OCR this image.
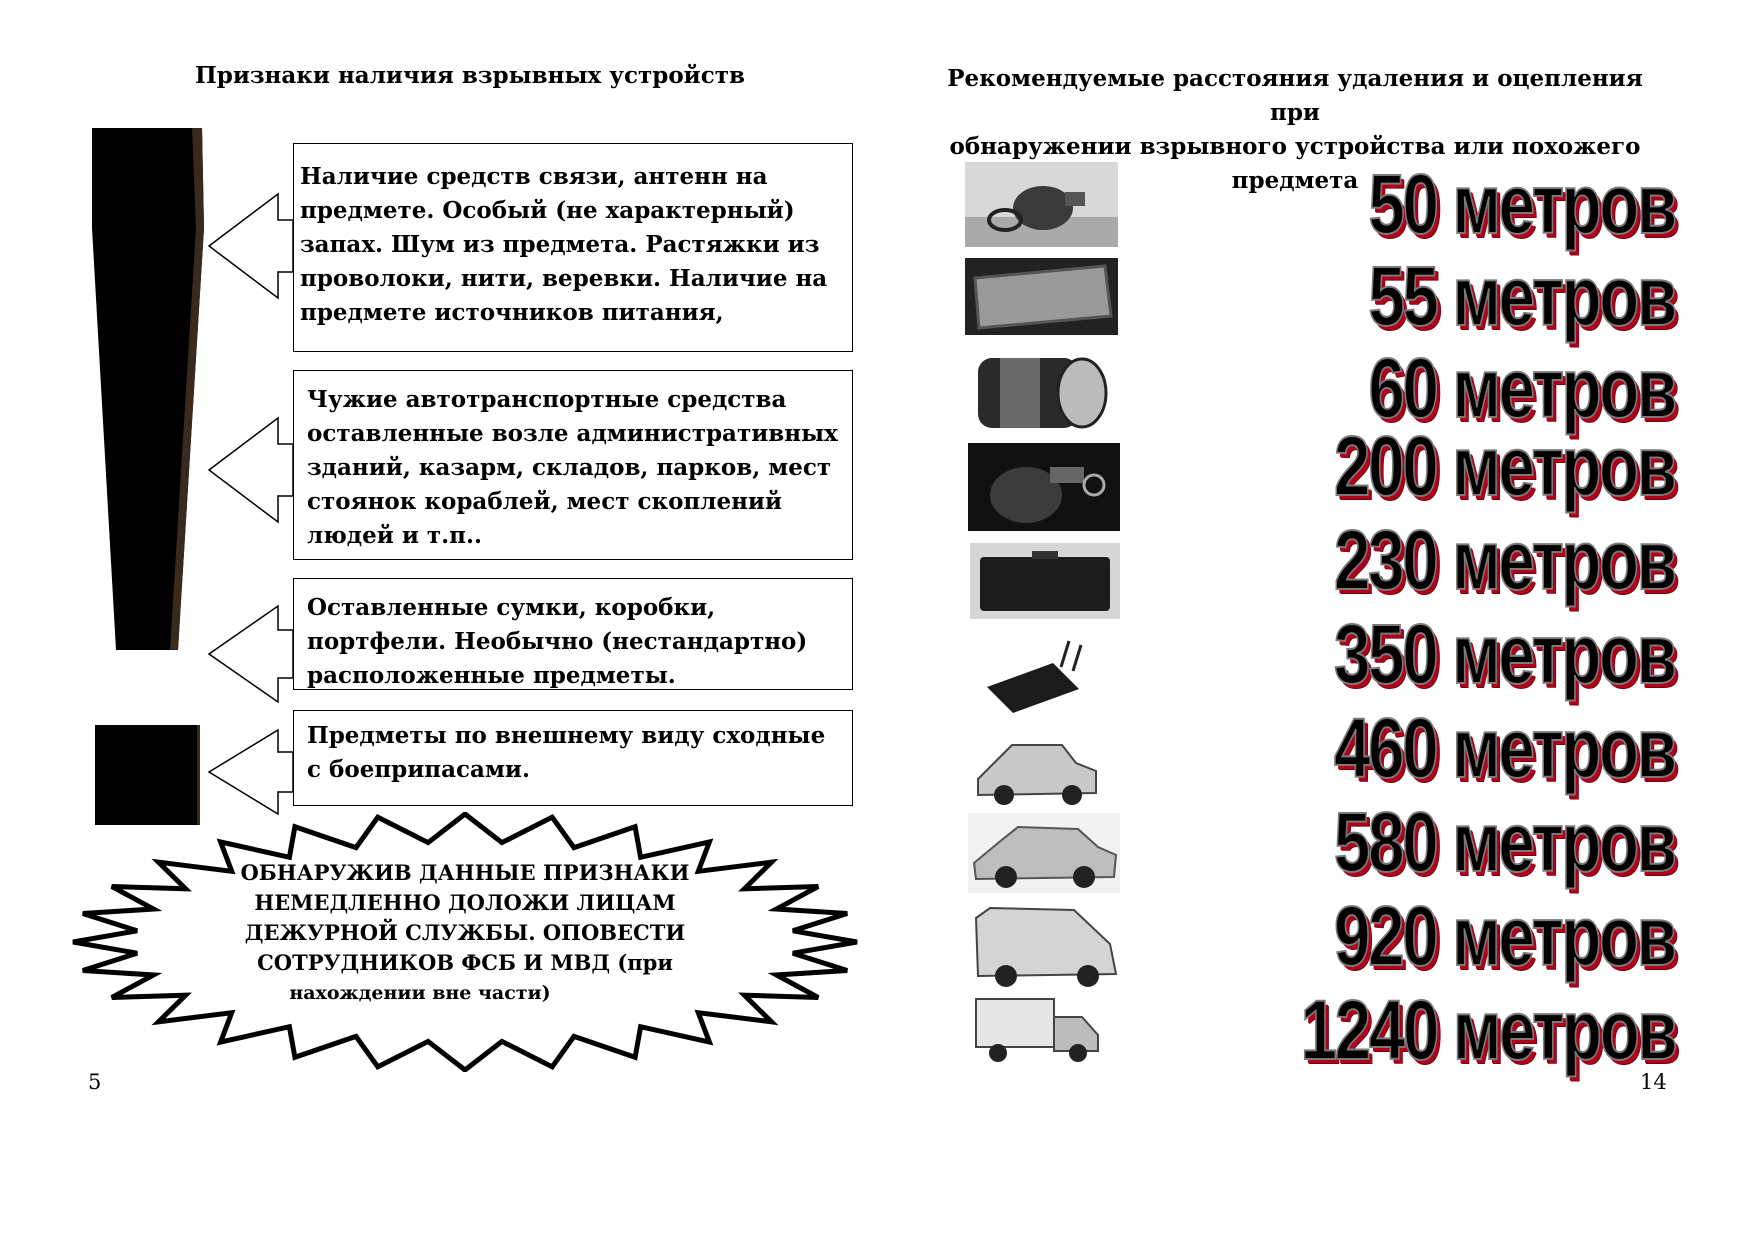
Признаки наличия взрывных устройств
Наличие средств связи, антенн на предмете. Особый (не характерный) запах. Шум из предмета. Растяжки из проволоки, нити, веревки. Наличие на предмете источников питания,
Чужие автотранспортные средства оставленные возле административных зданий, казарм, складов, парков, мест стоянок кораблей, мест скоплений людей и т.п..
Оставленные сумки, коробки, портфели. Необычно (нестандартно) расположенные предметы.
Предметы по внешнему виду сходные с боеприпасами.
ОБНАРУЖИВ ДАННЫЕ ПРИЗНАКИ
НЕМЕДЛЕННО ДОЛОЖИ ЛИЦАМ
ДЕЖУРНОЙ СЛУЖБЫ. ОПОВЕСТИ
СОТРУДНИКОВ ФСБ И МВД (при
нахождении вне части)
5
Рекомендуемые расстояния удаления и оцепления при
обнаружении взрывного устройства или похожего
предмета 50 метров
55 метров
60 метров
200 метров
230 метров
350 метров
460 метров
580 метров
920 метров
1240 метров
14
